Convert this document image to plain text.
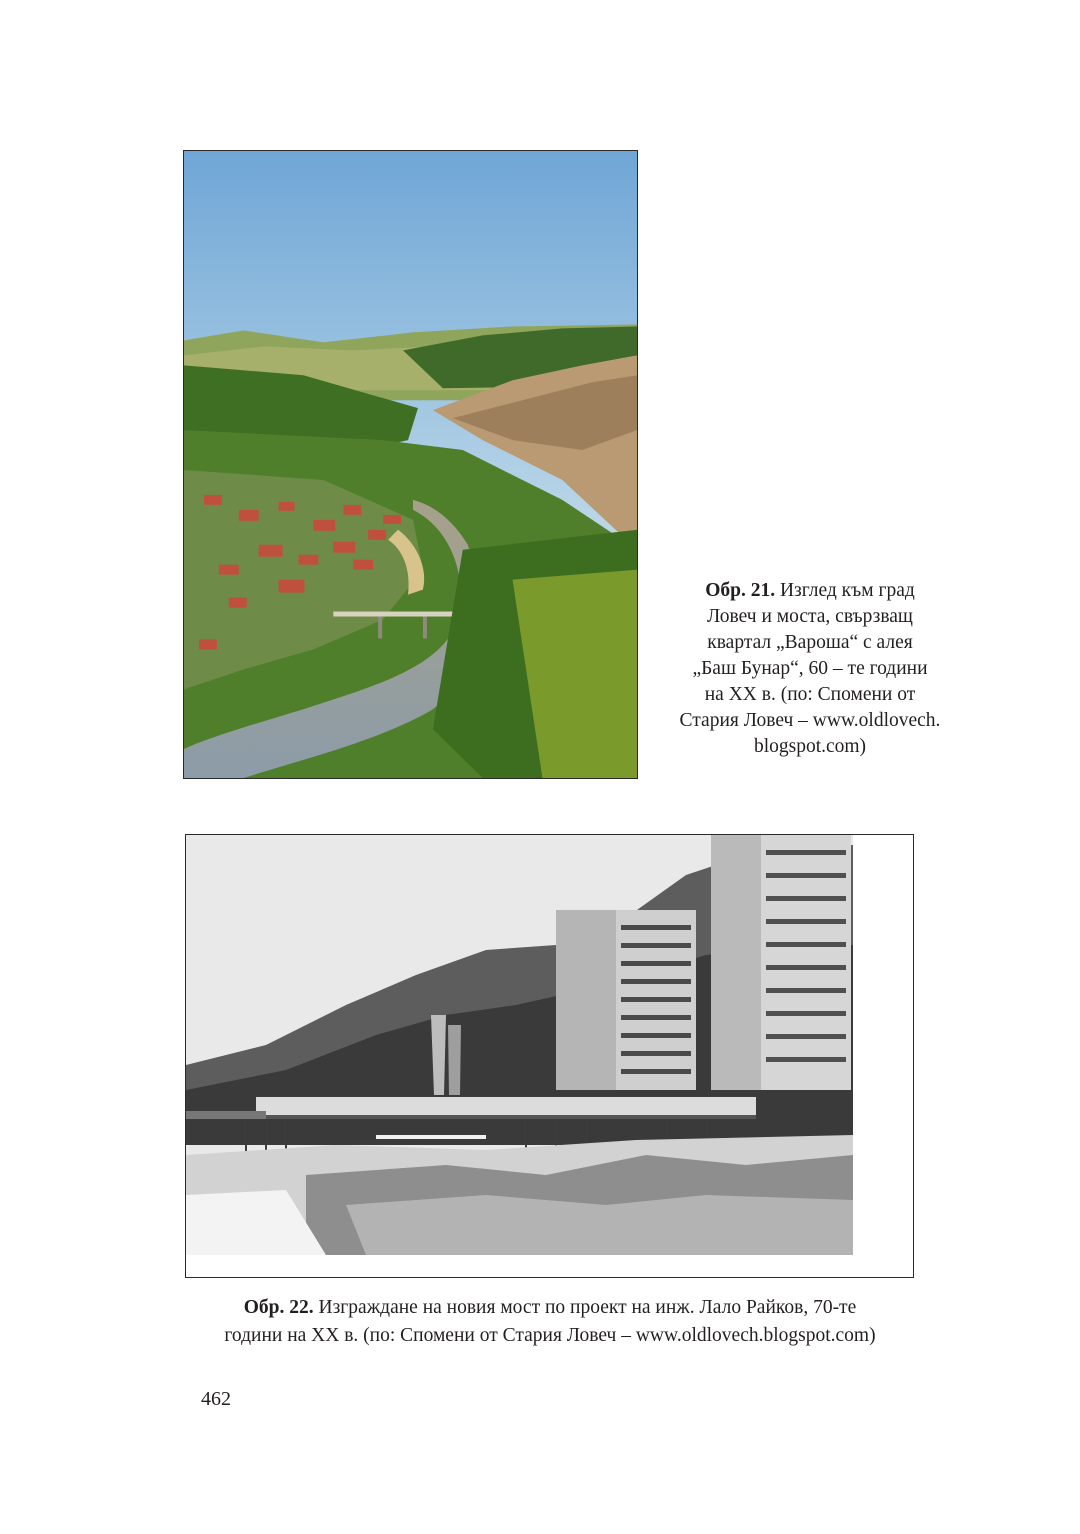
Обр. 21. Изглед към град
Ловеч и моста, свързващ
квартал „Вароша“ с алея
„Баш Бунар“, 60 – те години
на ХХ в. (по: Спомени от
Стария Ловеч – www.oldlovech.
blogspot.com)
Обр. 22. Изграждане на новия мост по проект на инж. Лало Райков, 70-те
години на ХХ в. (по: Спомени от Стария Ловеч – www.oldlovech.blogspot.com)
462
